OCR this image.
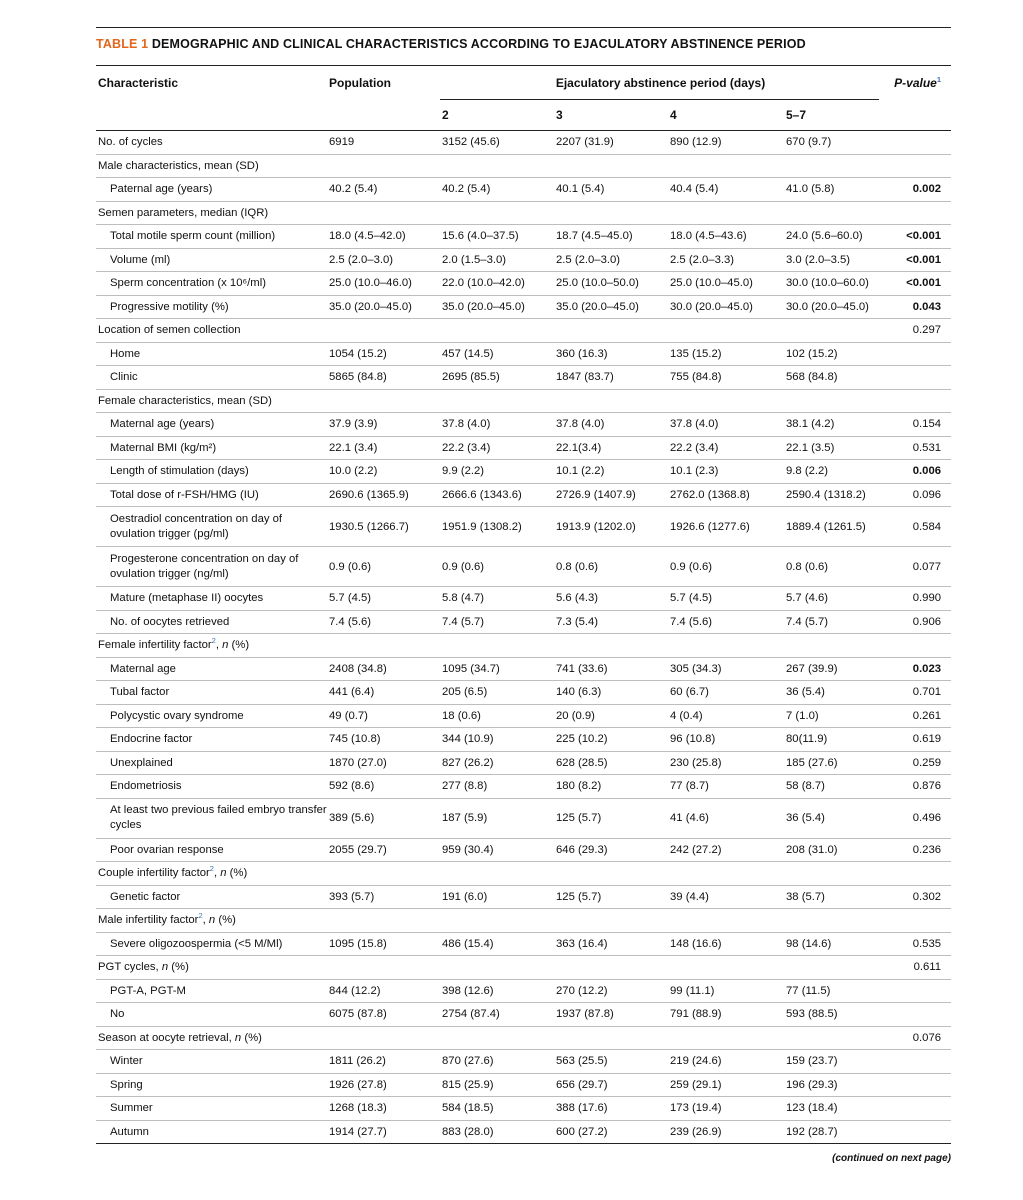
TABLE 1 DEMOGRAPHIC AND CLINICAL CHARACTERISTICS ACCORDING TO EJACULATORY ABSTINENCE PERIOD
Characteristic	Population	Ejaculatory abstinence period (days)				P-value$^1$
		2	3	4	5–7	
No. of cycles	6919	3152 (45.6)	2207 (31.9)	890 (12.9)	670 (9.7)	
Male characteristics, mean (SD)						
Paternal age (years)	40.2 (5.4)	40.2 (5.4)	40.1 (5.4)	40.4 (5.4)	41.0 (5.8)	0.002
Semen parameters, median (IQR)						
Total motile sperm count (million)	18.0 (4.5–42.0)	15.6 (4.0–37.5)	18.7 (4.5–45.0)	18.0 (4.5–43.6)	24.0 (5.6–60.0)	<0.001
Volume (ml)	2.5 (2.0–3.0)	2.0 (1.5–3.0)	2.5 (2.0–3.0)	2.5 (2.0–3.3)	3.0 (2.0–3.5)	<0.001
Sperm concentration (x 10⁶/ml)	25.0 (10.0–46.0)	22.0 (10.0–42.0)	25.0 (10.0–50.0)	25.0 (10.0–45.0)	30.0 (10.0–60.0)	<0.001
Progressive motility (%)	35.0 (20.0–45.0)	35.0 (20.0–45.0)	35.0 (20.0–45.0)	30.0 (20.0–45.0)	30.0 (20.0–45.0)	0.043
Location of semen collection						0.297
Home	1054 (15.2)	457 (14.5)	360 (16.3)	135 (15.2)	102 (15.2)	
Clinic	5865 (84.8)	2695 (85.5)	1847 (83.7)	755 (84.8)	568 (84.8)	
Female characteristics, mean (SD)						
Maternal age (years)	37.9 (3.9)	37.8 (4.0)	37.8 (4.0)	37.8 (4.0)	38.1 (4.2)	0.154
Maternal BMI (kg/m²)	22.1 (3.4)	22.2 (3.4)	22.1(3.4)	22.2 (3.4)	22.1 (3.5)	0.531
Length of stimulation (days)	10.0 (2.2)	9.9 (2.2)	10.1 (2.2)	10.1 (2.3)	9.8 (2.2)	0.006
Total dose of r-FSH/HMG (IU)	2690.6 (1365.9)	2666.6 (1343.6)	2726.9 (1407.9)	2762.0 (1368.8)	2590.4 (1318.2)	0.096
Oestradiol concentration on day of ovulation trigger (pg/ml)	1930.5 (1266.7)	1951.9 (1308.2)	1913.9 (1202.0)	1926.6 (1277.6)	1889.4 (1261.5)	0.584
Progesterone concentration on day of ovulation trigger (ng/ml)	0.9 (0.6)	0.9 (0.6)	0.8 (0.6)	0.9 (0.6)	0.8 (0.6)	0.077
Mature (metaphase II) oocytes	5.7 (4.5)	5.8 (4.7)	5.6 (4.3)	5.7 (4.5)	5.7 (4.6)	0.990
No. of oocytes retrieved	7.4 (5.6)	7.4 (5.7)	7.3 (5.4)	7.4 (5.6)	7.4 (5.7)	0.906
Female infertility factor$^2$, n (%)						
Maternal age	2408 (34.8)	1095 (34.7)	741 (33.6)	305 (34.3)	267 (39.9)	0.023
Tubal factor	441 (6.4)	205 (6.5)	140 (6.3)	60 (6.7)	36 (5.4)	0.701
Polycystic ovary syndrome	49 (0.7)	18 (0.6)	20 (0.9)	4 (0.4)	7 (1.0)	0.261
Endocrine factor	745 (10.8)	344 (10.9)	225 (10.2)	96 (10.8)	80(11.9)	0.619
Unexplained	1870 (27.0)	827 (26.2)	628 (28.5)	230 (25.8)	185 (27.6)	0.259
Endometriosis	592 (8.6)	277 (8.8)	180 (8.2)	77 (8.7)	58 (8.7)	0.876
At least two previous failed embryo transfer cycles	389 (5.6)	187 (5.9)	125 (5.7)	41 (4.6)	36 (5.4)	0.496
Poor ovarian response	2055 (29.7)	959 (30.4)	646 (29.3)	242 (27.2)	208 (31.0)	0.236
Couple infertility factor$^2$, n (%)						
Genetic factor	393 (5.7)	191 (6.0)	125 (5.7)	39 (4.4)	38 (5.7)	0.302
Male infertility factor$^2$, n (%)						
Severe oligozoospermia (<5 M/Ml)	1095 (15.8)	486 (15.4)	363 (16.4)	148 (16.6)	98 (14.6)	0.535
PGT cycles, n (%)						0.611
PGT-A, PGT-M	844 (12.2)	398 (12.6)	270 (12.2)	99 (11.1)	77 (11.5)	
No	6075 (87.8)	2754 (87.4)	1937 (87.8)	791 (88.9)	593 (88.5)	
Season at oocyte retrieval, n (%)						0.076
Winter	1811 (26.2)	870 (27.6)	563 (25.5)	219 (24.6)	159 (23.7)	
Spring	1926 (27.8)	815 (25.9)	656 (29.7)	259 (29.1)	196 (29.3)	
Summer	1268 (18.3)	584 (18.5)	388 (17.6)	173 (19.4)	123 (18.4)	
Autumn	1914 (27.7)	883 (28.0)	600 (27.2)	239 (26.9)	192 (28.7)	
(continued on next page)
